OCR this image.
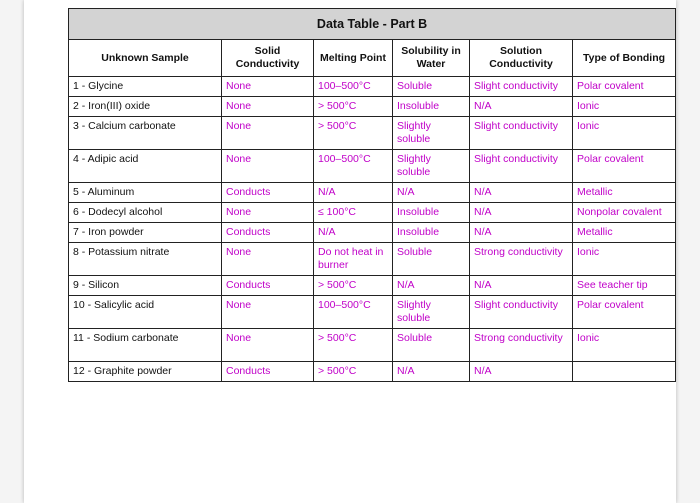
Data Table - Part B					
Unknown Sample	Solid Conductivity	Melting Point	Solubility in Water	Solution Conductivity	Type of Bonding
1 - Glycine	None	100–500°C	Soluble	Slight conductivity	Polar covalent
2 - Iron(III) oxide	None	> 500°C	Insoluble	N/A	Ionic
3 - Calcium carbonate	None	> 500°C	Slightly soluble	Slight conductivity	Ionic
4 - Adipic acid	None	100–500°C	Slightly soluble	Slight conductivity	Polar covalent
5 - Aluminum	Conducts	N/A	N/A	N/A	Metallic
6 - Dodecyl alcohol	None	≤ 100°C	Insoluble	N/A	Nonpolar covalent
7 - Iron powder	Conducts	N/A	Insoluble	N/A	Metallic
8 - Potassium nitrate	None	Do not heat in burner	Soluble	Strong conductivity	Ionic
9 - Silicon	Conducts	> 500°C	N/A	N/A	See teacher tip
10 - Salicylic acid	None	100–500°C	Slightly soluble	Slight conductivity	Polar covalent
11 - Sodium carbonate	None	> 500°C	Soluble	Strong conductivity	Ionic
12 - Graphite powder	Conducts	> 500°C	N/A	N/A	
